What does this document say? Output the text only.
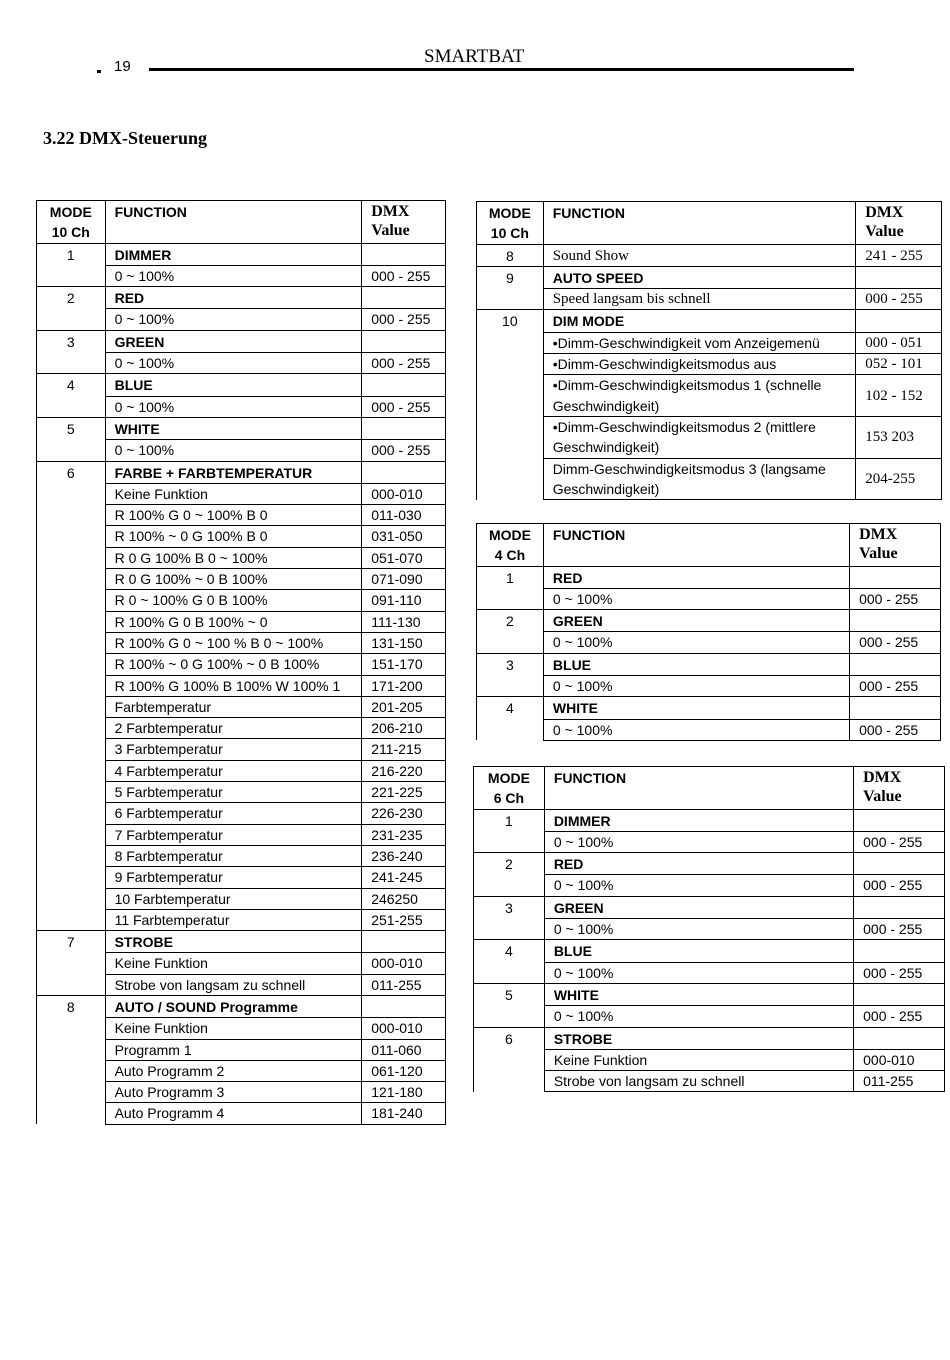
19	SMARTBAT
3.22 DMX-Steuerung
MODE
10 Ch	FUNCTION	DMX
Value
1	DIMMER	
	0 ~ 100%	000 - 255
2	RED	
	0 ~ 100%	000 - 255
3	GREEN	
	0 ~ 100%	000 - 255
4	BLUE	
	0 ~ 100%	000 - 255
5	WHITE	
	0 ~ 100%	000 - 255
6	FARBE + FARBTEMPERATUR	
	Keine Funktion	000-010
	R 100% G 0 ~ 100% B 0	011-030
	R 100% ~ 0 G 100% B 0	031-050
	R 0 G 100% B 0 ~ 100%	051-070
	R 0 G 100% ~ 0 B 100%	071-090
	R 0 ~ 100% G 0 B 100%	091-110
	R 100% G 0 B 100% ~ 0	111-130
	R 100% G 0 ~ 100 % B 0 ~ 100%	131-150
	R 100% ~ 0 G 100% ~ 0 B 100%	151-170
	R 100% G 100% B 100% W 100% 1	171-200
	Farbtemperatur	201-205
	2 Farbtemperatur	206-210
	3 Farbtemperatur	211-215
	4 Farbtemperatur	216-220
	5 Farbtemperatur	221-225
	6 Farbtemperatur	226-230
	7 Farbtemperatur	231-235
	8 Farbtemperatur	236-240
	9 Farbtemperatur	241-245
	10 Farbtemperatur	246250
	11 Farbtemperatur	251-255
7	STROBE	
	Keine Funktion	000-010
	Strobe von langsam zu schnell	011-255
8	AUTO / SOUND Programme	
	Keine Funktion	000-010
	Programm 1	011-060
	Auto Programm 2	061-120
	Auto Programm 3	121-180
	Auto Programm 4	181-240
MODE
10 Ch	FUNCTION	DMX
Value
8	Sound Show	241 - 255
9	AUTO SPEED	
	Speed langsam bis schnell	000 - 255
10	DIM MODE	
	•Dimm-Geschwindigkeit vom Anzeigemenü	000 - 051
	•Dimm-Geschwindigkeitsmodus aus	052 - 101
	•Dimm-Geschwindigkeitsmodus 1 (schnelle Geschwindigkeit)	102 - 152
	•Dimm-Geschwindigkeitsmodus 2 (mittlere Geschwindigkeit)	153 203
	Dimm-Geschwindigkeitsmodus 3 (langsame Geschwindigkeit)	204-255
MODE
4 Ch	FUNCTION	DMX
Value
1	RED	
	0 ~ 100%	000 - 255
2	GREEN	
	0 ~ 100%	000 - 255
3	BLUE	
	0 ~ 100%	000 - 255
4	WHITE	
	0 ~ 100%	000 - 255
MODE
6 Ch	FUNCTION	DMX
Value
1	DIMMER	
	0 ~ 100%	000 - 255
2	RED	
	0 ~ 100%	000 - 255
3	GREEN	
	0 ~ 100%	000 - 255
4	BLUE	
	0 ~ 100%	000 - 255
5	WHITE	
	0 ~ 100%	000 - 255
6	STROBE	
	Keine Funktion	000-010
	Strobe von langsam zu schnell	011-255
